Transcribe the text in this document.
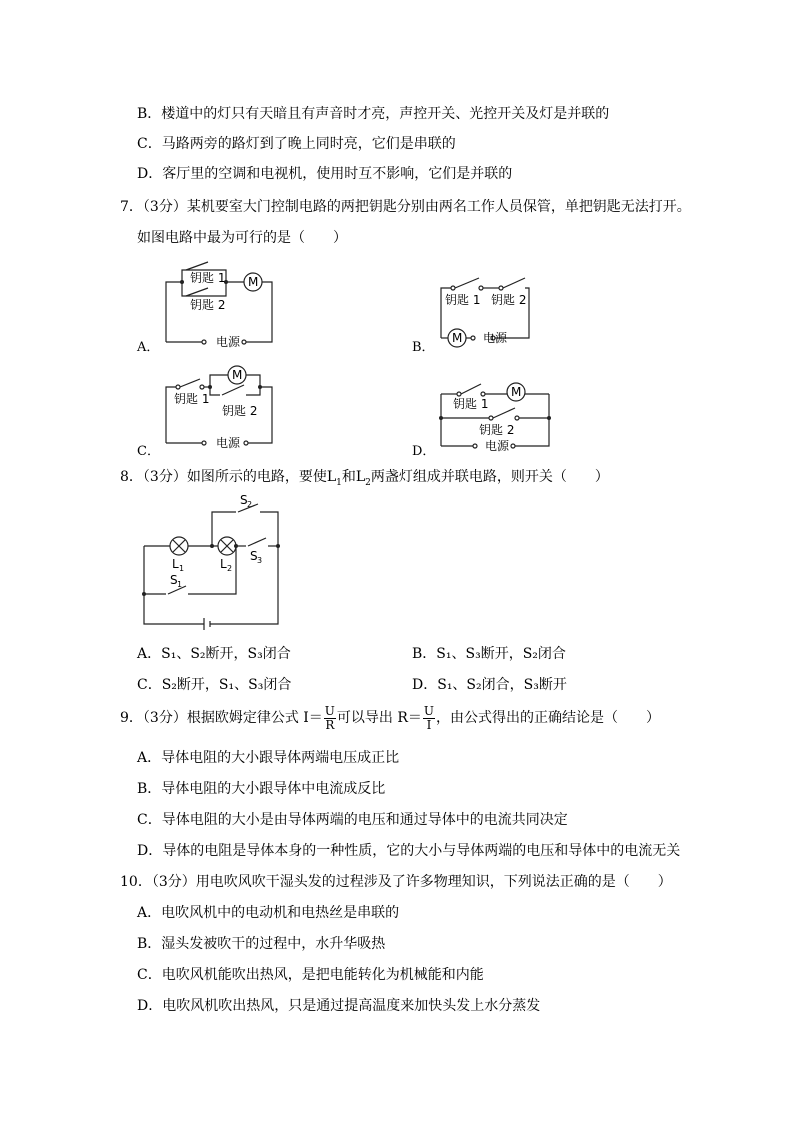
B．楼道中的灯只有天暗且有声音时才亮，声控开关、光控开关及灯是并联的
C．马路两旁的路灯到了晚上同时亮，它们是串联的
D．客厅里的空调和电视机，使用时互不影响，它们是并联的
7．（3分）某机要室大门控制电路的两把钥匙分别由两名工作人员保管，单把钥匙无法打开。
如图电路中最为可行的是（　　）
A．
M
电源
钥匙 1
钥匙 2
B．
M
钥匙 1 钥匙 2
电源
C．
M
电源
钥匙 1
钥匙 2
D．
M
电源
钥匙 1
钥匙 2
8．（3分）如图所示的电路，要使$L_1$和$L_2$两盏灯组成并联电路，则开关（　　）
L 1	L 2
S 2
S 3
S 1
A．S₁、S₂断开，S₃闭合	B．S₁、S₃断开，S₂闭合
C．S₂断开，S₁、S₃闭合	D．S₁、S₂闭合，S₃断开
9．（3分）根据欧姆定律公式 $I= \frac{U}{R}$ 可以导出 $R= \frac{U}{I}$ ，由公式得出的正确结论是（　　）
A．导体电阻的大小跟导体两端电压成正比
B．导体电阻的大小跟导体中电流成反比
C．导体电阻的大小是由导体两端的电压和通过导体中的电流共同决定
D．导体的电阻是导体本身的一种性质，它的大小与导体两端的电压和导体中的电流无关
10．（3分）用电吹风吹干湿头发的过程涉及了许多物理知识，下列说法正确的是（　　）
A．电吹风机中的电动机和电热丝是串联的
B．湿头发被吹干的过程中，水升华吸热
C．电吹风机能吹出热风，是把电能转化为机械能和内能
D．电吹风机吹出热风，只是通过提高温度来加快头发上水分蒸发
